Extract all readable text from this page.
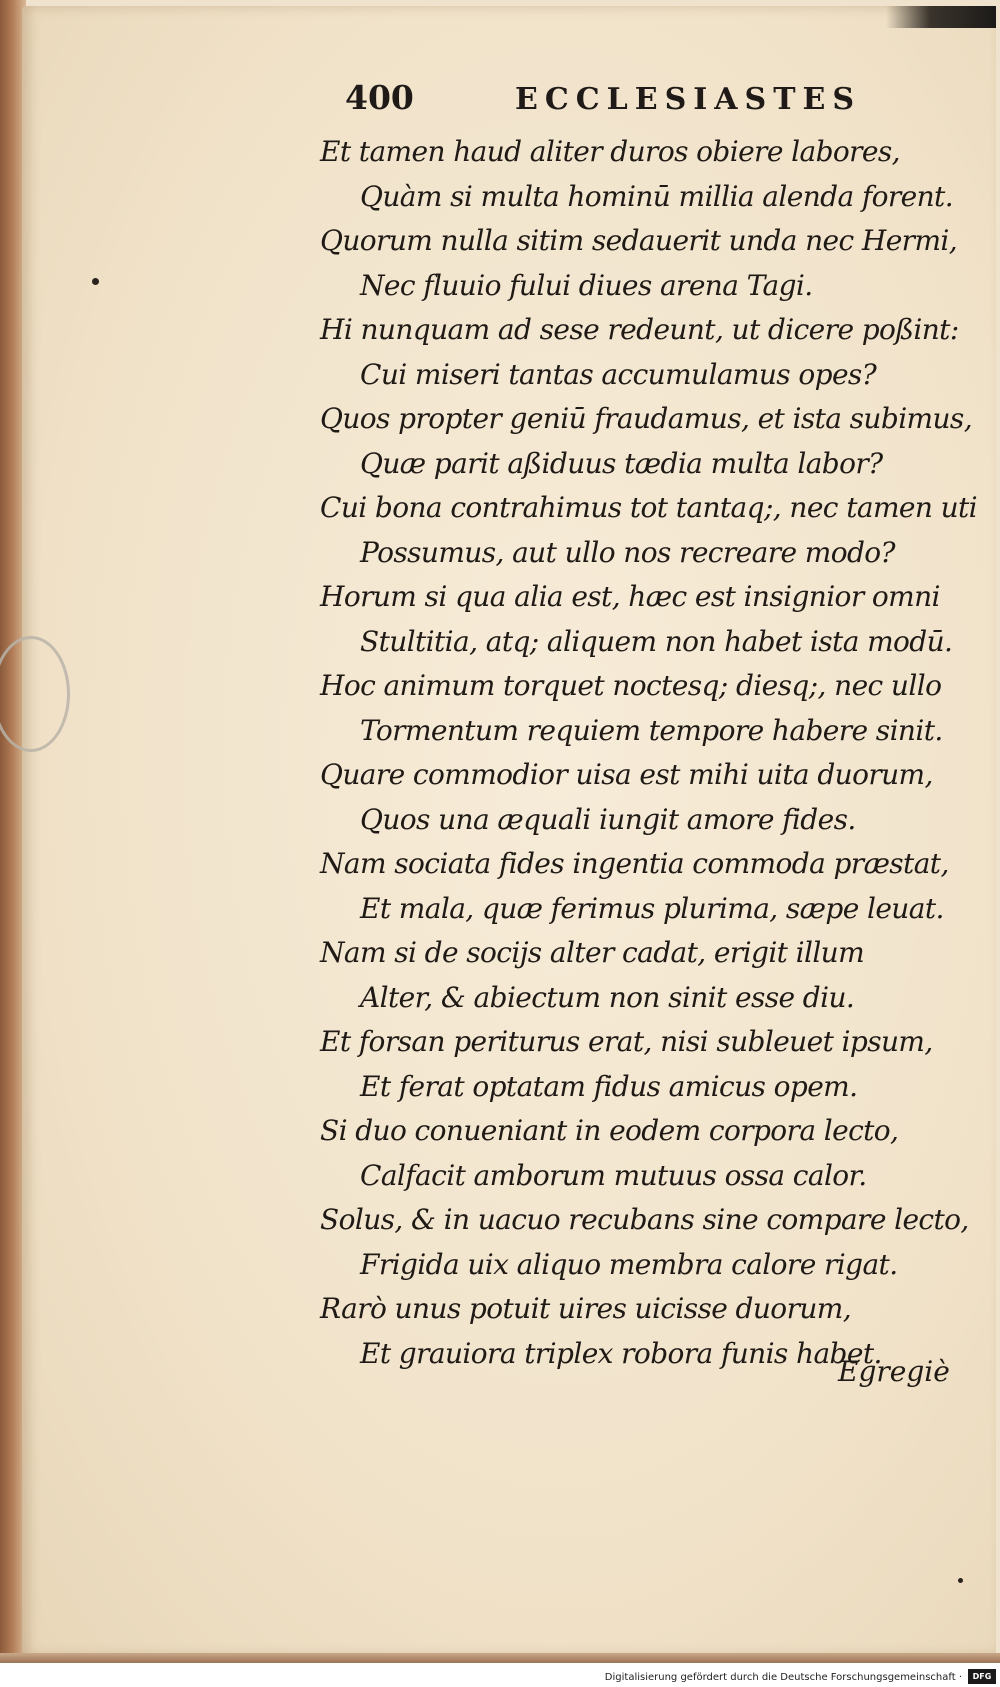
400	ECCLESIASTES
Et tamen haud aliter duros obiere labores,
Quàm si multa hominū millia alenda forent.
Quorum nulla sitim sedauerit unda nec Hermi,
Nec fluuio fului diues arena Tagi.
Hi nunquam ad sese redeunt, ut dicere poßint:
Cui miseri tantas accumulamus opes?
Quos propter geniū fraudamus, et ista subimus,
Quæ parit aßiduus tædia multa labor?
Cui bona contrahimus tot tantaq;, nec tamen uti
Possumus, aut ullo nos recreare modo?
Horum si qua alia est, hæc est insignior omni
Stultitia, atq; aliquem non habet ista modū.
Hoc animum torquet noctesq; diesq;, nec ullo
Tormentum requiem tempore habere sinit.
Quare commodior uisa est mihi uita duorum,
Quos una æquali iungit amore fides.
Nam sociata fides ingentia commoda præstat,
Et mala, quæ ferimus plurima, sæpe leuat.
Nam si de socijs alter cadat, erigit illum
Alter, & abiectum non sinit esse diu.
Et forsan periturus erat, nisi subleuet ipsum,
Et ferat optatam fidus amicus opem.
Si duo conueniant in eodem corpora lecto,
Calfacit amborum mutuus ossa calor.
Solus, & in uacuo recubans sine compare lecto,
Frigida uix aliquo membra calore rigat.
Rarò unus potuit uires uicisse duorum,
Et grauiora triplex robora funis habet.
Egregiè
Digitalisierung gefördert durch die Deutsche Forschungsgemeinschaft ·	DFG
